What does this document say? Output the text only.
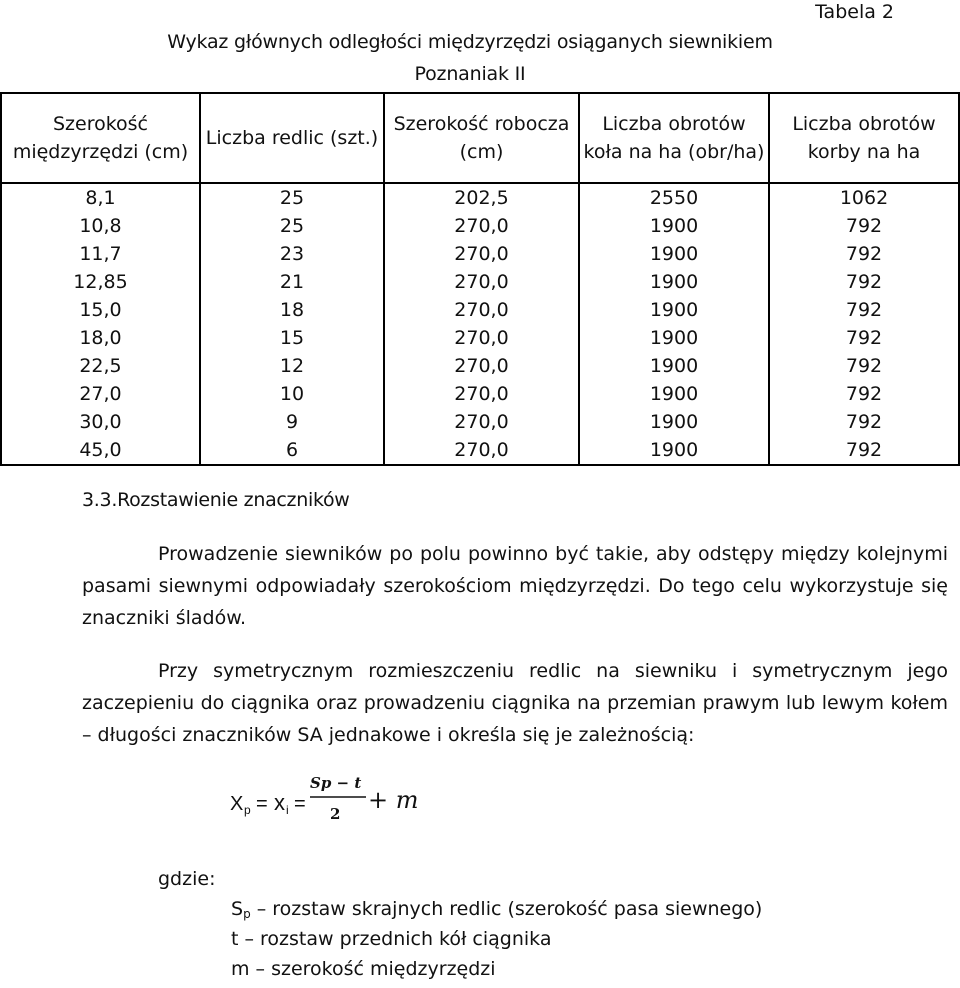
Tabela 2
Wykaz głównych odległości międzyrzędzi osiąganych siewnikiem
Poznaniak II
Szerokość międzyrzędzi (cm)	Liczba redlic (szt.)	Szerokość robocza (cm)	Liczba obrotów koła na ha (obr/ha)	Liczba obrotów korby na ha
8,1	25	202,5	2550	1062
10,8	25	270,0	1900	792
11,7	23	270,0	1900	792
12,85	21	270,0	1900	792
15,0	18	270,0	1900	792
18,0	15	270,0	1900	792
22,5	12	270,0	1900	792
27,0	10	270,0	1900	792
30,0	9	270,0	1900	792
45,0	6	270,0	1900	792
3.3.Rozstawienie znaczników
Prowadzenie siewników po polu powinno być takie, aby odstępy między kolejnymi pasami siewnymi odpowiadały szerokościom międzyrzędzi. Do tego celu wykorzystuje się znaczniki śladów.
Przy symetrycznym rozmieszczeniu redlic na siewniku i symetrycznym jego zaczepieniu do ciągnika oraz prowadzeniu ciągnika na przemian prawym lub lewym kołem – długości znaczników SA jednakowe i określa się je zależnością:
X p = x i =
Sp − t
2 + m
gdzie:
$S_p$ – rozstaw skrajnych redlic (szerokość pasa siewnego)
t – rozstaw przednich kół ciągnika
m – szerokość międzyrzędzi
